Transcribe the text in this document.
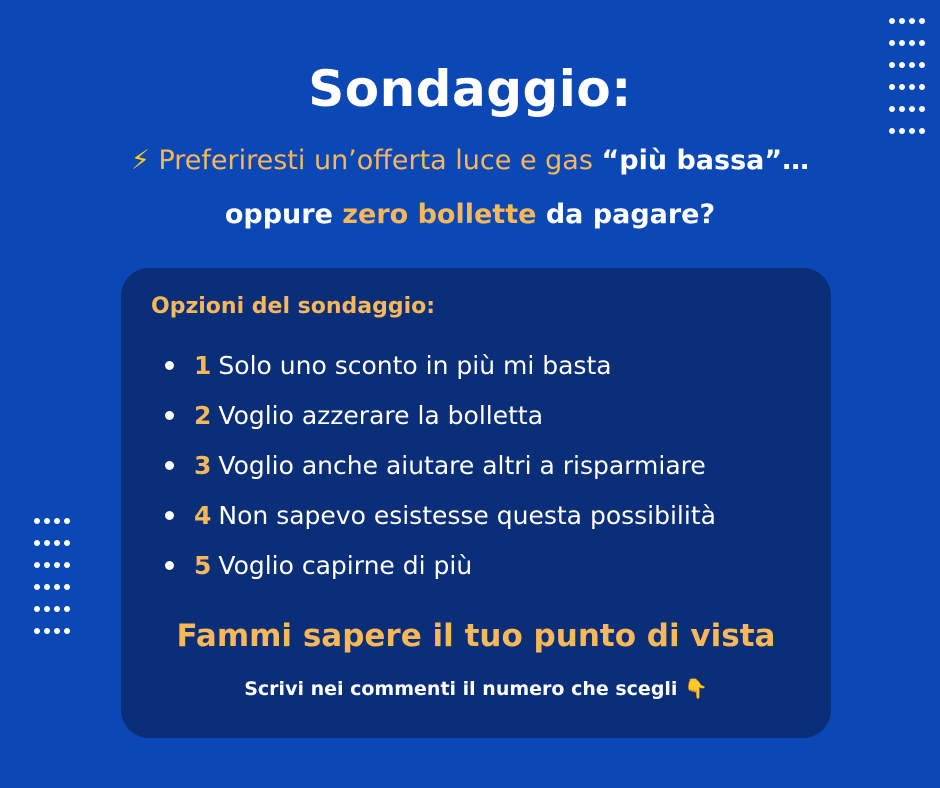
Sondaggio:
⚡ Preferiresti un’offerta luce e gas “più bassa”…
oppure zero bollette da pagare?
Opzioni del sondaggio:
1 Solo uno sconto in più mi basta
2 Voglio azzerare la bolletta
3 Voglio anche aiutare altri a risparmiare
4 Non sapevo esistesse questa possibilità
5 Voglio capirne di più
Fammi sapere il tuo punto di vista
Scrivi nei commenti il numero che scegli 👇
